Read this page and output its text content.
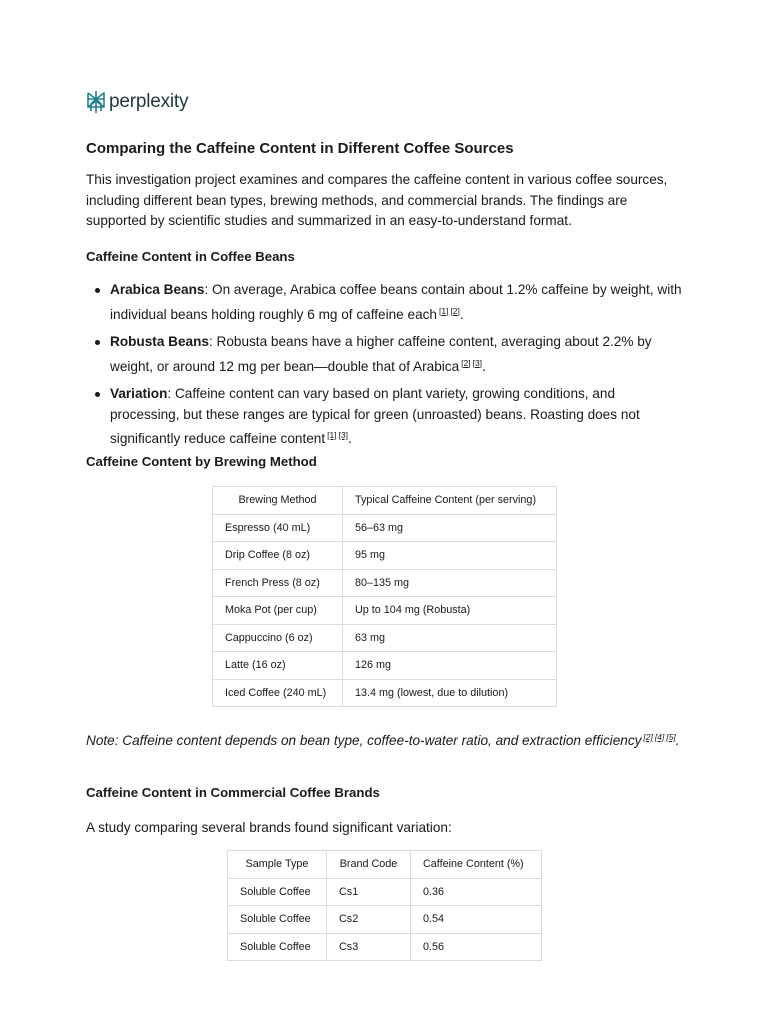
perplexity
Comparing the Caffeine Content in Different Coffee Sources

This investigation project examines and compares the caffeine content in various coffee sources, including different bean types, brewing methods, and commercial brands. The findings are supported by scientific studies and summarized in an easy-to-understand format.

Caffeine Content in Coffee Beans
Arabica Beans: On average, Arabica coffee beans contain about 1.2% caffeine by weight, with individual beans holding roughly 6 mg of caffeine each [1] [2].
Robusta Beans: Robusta beans have a higher caffeine content, averaging about 2.2% by weight, or around 12 mg per bean—double that of Arabica [2] [3].
Variation: Caffeine content can vary based on plant variety, growing conditions, and processing, but these ranges are typical for green (unroasted) beans. Roasting does not significantly reduce caffeine content [1] [3].
Caffeine Content by Brewing Method
Brewing Method	Typical Caffeine Content (per serving)
Espresso (40 mL)	56–63 mg
Drip Coffee (8 oz)	95 mg
French Press (8 oz)	80–135 mg
Moka Pot (per cup)	Up to 104 mg (Robusta)
Cappuccino (6 oz)	63 mg
Latte (16 oz)	126 mg
Iced Coffee (240 mL)	13.4 mg (lowest, due to dilution)

Note: Caffeine content depends on bean type, coffee-to-water ratio, and extraction efficiency [2] [4] [5].

Caffeine Content in Commercial Coffee Brands

A study comparing several brands found significant variation:

Sample Type	Brand Code	Caffeine Content (%)
Soluble Coffee	Cs1	0.36
Soluble Coffee	Cs2	0.54
Soluble Coffee	Cs3	0.56
